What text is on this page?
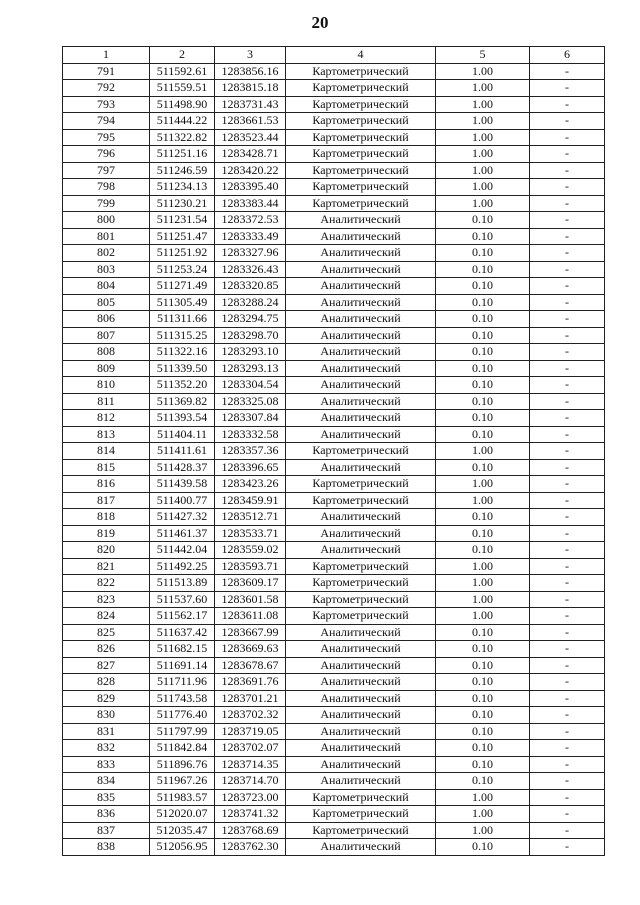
20
1	2	3	4	5	6
791	511592.61	1283856.16	Картометрический	1.00	-
792	511559.51	1283815.18	Картометрический	1.00	-
793	511498.90	1283731.43	Картометрический	1.00	-
794	511444.22	1283661.53	Картометрический	1.00	-
795	511322.82	1283523.44	Картометрический	1.00	-
796	511251.16	1283428.71	Картометрический	1.00	-
797	511246.59	1283420.22	Картометрический	1.00	-
798	511234.13	1283395.40	Картометрический	1.00	-
799	511230.21	1283383.44	Картометрический	1.00	-
800	511231.54	1283372.53	Аналитический	0.10	-
801	511251.47	1283333.49	Аналитический	0.10	-
802	511251.92	1283327.96	Аналитический	0.10	-
803	511253.24	1283326.43	Аналитический	0.10	-
804	511271.49	1283320.85	Аналитический	0.10	-
805	511305.49	1283288.24	Аналитический	0.10	-
806	511311.66	1283294.75	Аналитический	0.10	-
807	511315.25	1283298.70	Аналитический	0.10	-
808	511322.16	1283293.10	Аналитический	0.10	-
809	511339.50	1283293.13	Аналитический	0.10	-
810	511352.20	1283304.54	Аналитический	0.10	-
811	511369.82	1283325.08	Аналитический	0.10	-
812	511393.54	1283307.84	Аналитический	0.10	-
813	511404.11	1283332.58	Аналитический	0.10	-
814	511411.61	1283357.36	Картометрический	1.00	-
815	511428.37	1283396.65	Аналитический	0.10	-
816	511439.58	1283423.26	Картометрический	1.00	-
817	511400.77	1283459.91	Картометрический	1.00	-
818	511427.32	1283512.71	Аналитический	0.10	-
819	511461.37	1283533.71	Аналитический	0.10	-
820	511442.04	1283559.02	Аналитический	0.10	-
821	511492.25	1283593.71	Картометрический	1.00	-
822	511513.89	1283609.17	Картометрический	1.00	-
823	511537.60	1283601.58	Картометрический	1.00	-
824	511562.17	1283611.08	Картометрический	1.00	-
825	511637.42	1283667.99	Аналитический	0.10	-
826	511682.15	1283669.63	Аналитический	0.10	-
827	511691.14	1283678.67	Аналитический	0.10	-
828	511711.96	1283691.76	Аналитический	0.10	-
829	511743.58	1283701.21	Аналитический	0.10	-
830	511776.40	1283702.32	Аналитический	0.10	-
831	511797.99	1283719.05	Аналитический	0.10	-
832	511842.84	1283702.07	Аналитический	0.10	-
833	511896.76	1283714.35	Аналитический	0.10	-
834	511967.26	1283714.70	Аналитический	0.10	-
835	511983.57	1283723.00	Картометрический	1.00	-
836	512020.07	1283741.32	Картометрический	1.00	-
837	512035.47	1283768.69	Картометрический	1.00	-
838	512056.95	1283762.30	Аналитический	0.10	-
